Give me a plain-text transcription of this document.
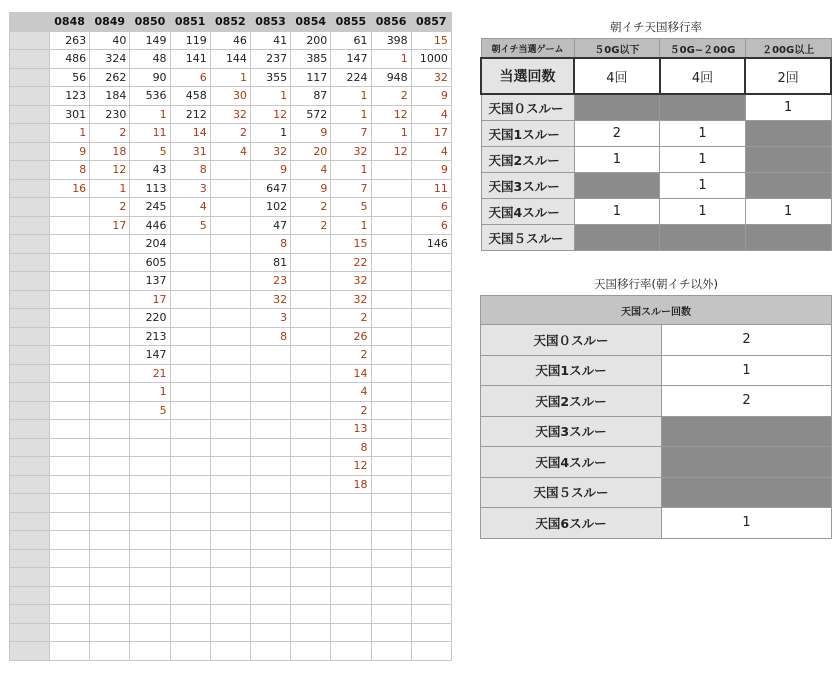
	0848	0849	0850	0851	0852	0853	0854	0855	0856	0857
	263	40	149	119	46	41	200	61	398	15
	486	324	48	141	144	237	385	147	1	1000
	56	262	90	6	1	355	117	224	948	32
	123	184	536	458	30	1	87	1	2	9
	301	230	1	212	32	12	572	1	12	4
	1	2	11	14	2	1	9	7	1	17
	9	18	5	31	4	32	20	32	12	4
	8	12	43	8		9	4	1		9
	16	1	113	3		647	9	7		11
		2	245	4		102	2	5		6
		17	446	5		47	2	1		6
			204			8		15		146
			605			81		22		
			137			23		32		
			17			32		32		
			220			3		2		
			213			8		26		
			147					2		
			21					14		
			1					4		
			5					2		
								13		
								8		
								12		
								18		

朝イチ天国移行率
朝イチ当選ゲーム	５0G以下	５0G~２00G	２00G以上
当選回数	4回	4回	2回
天国０スルー			1
天国1スルー	2	1	
天国2スルー	1	1	
天国3スルー		1	
天国4スルー	1	1	1
天国５スルー			
天国移行率(朝イチ以外)
天国スルー回数	
天国０スルー	2
天国1スルー	1
天国2スルー	2
天国3スルー	
天国4スルー	
天国５スルー	
天国6スルー	1
